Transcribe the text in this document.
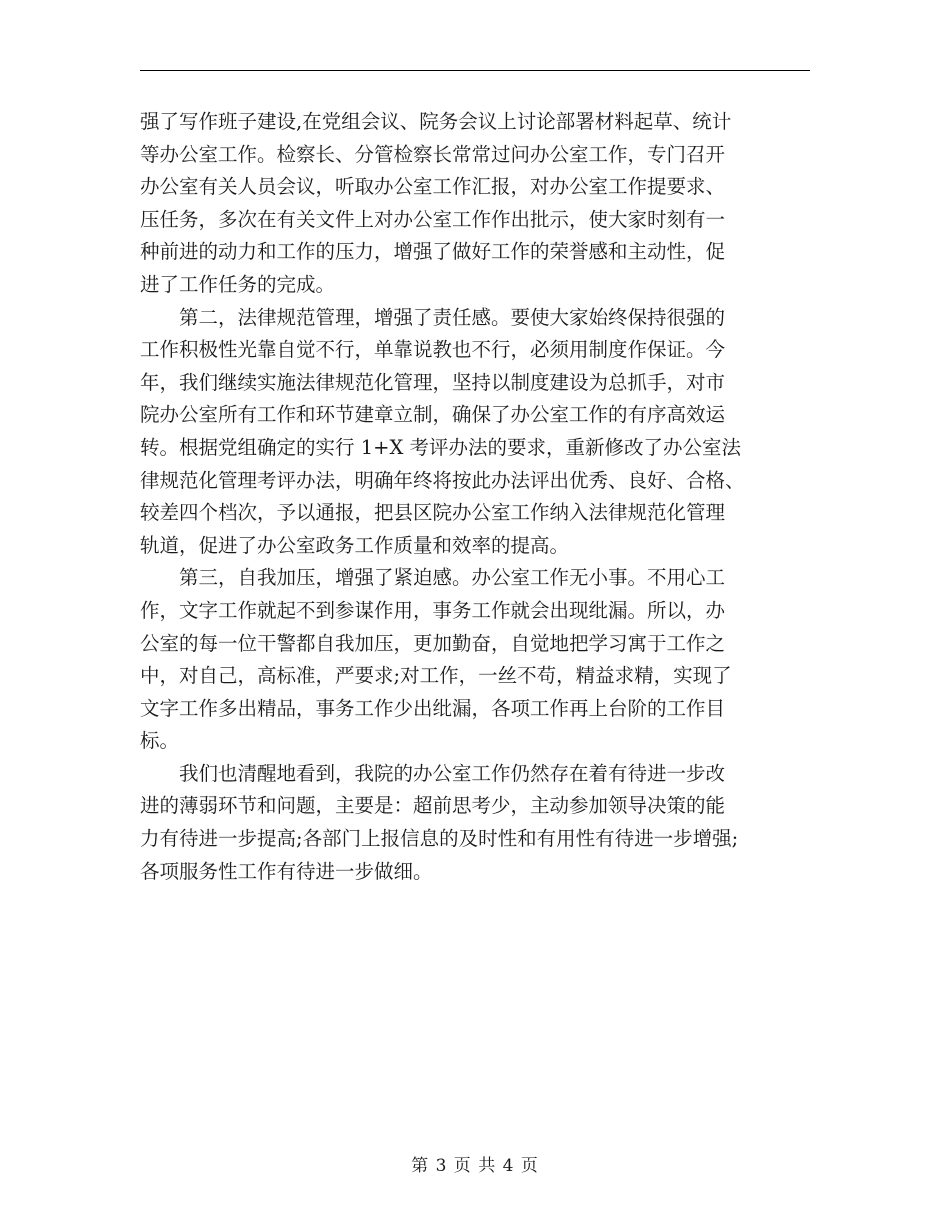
强了写作班子建设,在党组会议、院务会议上讨论部署材料起草、统计
等办公室工作。检察长、分管检察长常常过问办公室工作，专门召开
办公室有关人员会议，听取办公室工作汇报，对办公室工作提要求、
压任务，多次在有关文件上对办公室工作作出批示，使大家时刻有一
种前进的动力和工作的压力，增强了做好工作的荣誉感和主动性，促
进了工作任务的完成。
第二，法律规范管理，增强了责任感。要使大家始终保持很强的
工作积极性光靠自觉不行，单靠说教也不行，必须用制度作保证。今
年，我们继续实施法律规范化管理，坚持以制度建设为总抓手，对市
院办公室所有工作和环节建章立制，确保了办公室工作的有序高效运
转。根据党组确定的实行 1+X 考评办法的要求，重新修改了办公室法
律规范化管理考评办法，明确年终将按此办法评出优秀、良好、合格、
较差四个档次，予以通报，把县区院办公室工作纳入法律规范化管理
轨道，促进了办公室政务工作质量和效率的提高。
第三，自我加压，增强了紧迫感。办公室工作无小事。不用心工
作，文字工作就起不到参谋作用，事务工作就会出现纰漏。所以，办
公室的每一位干警都自我加压，更加勤奋，自觉地把学习寓于工作之
中，对自己，高标准，严要求;对工作，一丝不苟，精益求精，实现了
文字工作多出精品，事务工作少出纰漏，各项工作再上台阶的工作目
标。
我们也清醒地看到，我院的办公室工作仍然存在着有待进一步改
进的薄弱环节和问题，主要是：超前思考少，主动参加领导决策的能
力有待进一步提高;各部门上报信息的及时性和有用性有待进一步增强;
各项服务性工作有待进一步做细。
第 3 页 共 4 页
